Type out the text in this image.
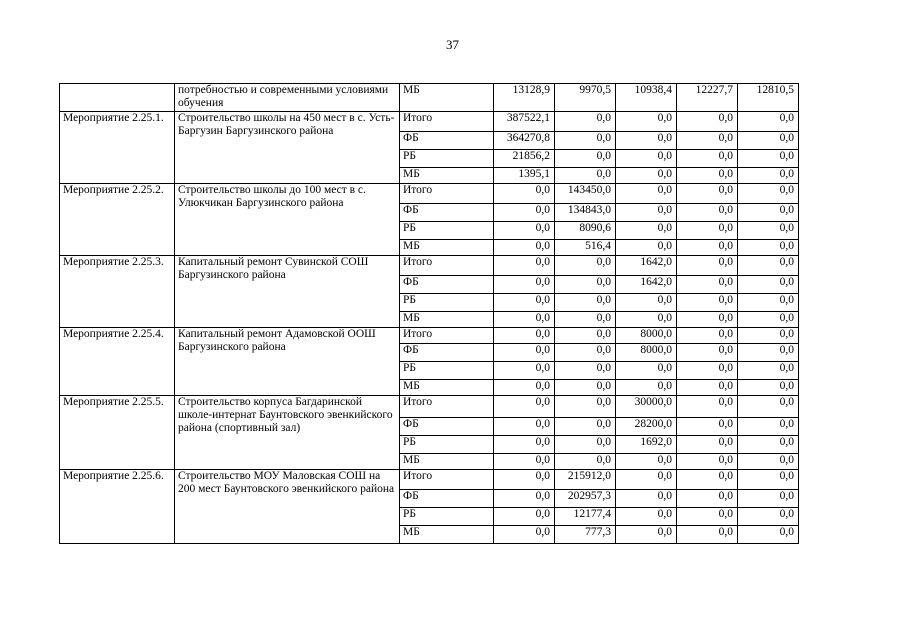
37
	потребностью и современными условиями обучения	МБ	13128,9	9970,5	10938,4	12227,7	12810,5
Мероприятие 2.25.1.	Строительство школы на 450 мест в с. Усть-Баргузин Баргузинского района	Итого	387522,1	0,0	0,0	0,0	0,0
		ФБ	364270,8	0,0	0,0	0,0	0,0
		РБ	21856,2	0,0	0,0	0,0	0,0
		МБ	1395,1	0,0	0,0	0,0	0,0
Мероприятие 2.25.2.	Строительство школы до 100 мест в с. Улюкчикан Баргузинского района	Итого	0,0	143450,0	0,0	0,0	0,0
		ФБ	0,0	134843,0	0,0	0,0	0,0
		РБ	0,0	8090,6	0,0	0,0	0,0
		МБ	0,0	516,4	0,0	0,0	0,0
Мероприятие 2.25.3.	Капитальный ремонт Сувинской СОШ Баргузинского района	Итого	0,0	0,0	1642,0	0,0	0,0
		ФБ	0,0	0,0	1642,0	0,0	0,0
		РБ	0,0	0,0	0,0	0,0	0,0
		МБ	0,0	0,0	0,0	0,0	0,0
Мероприятие 2.25.4.	Капитальный ремонт Адамовской ООШ Баргузинского района	Итого	0,0	0,0	8000,0	0,0	0,0
		ФБ	0,0	0,0	8000,0	0,0	0,0
		РБ	0,0	0,0	0,0	0,0	0,0
		МБ	0,0	0,0	0,0	0,0	0,0
Мероприятие 2.25.5.	Строительство корпуса Багдаринской школе-интернат Баунтовского эвенкийского района (спортивный зал)	Итого	0,0	0,0	30000,0	0,0	0,0
		ФБ	0,0	0,0	28200,0	0,0	0,0
		РБ	0,0	0,0	1692,0	0,0	0,0
		МБ	0,0	0,0	0,0	0,0	0,0
Мероприятие 2.25.6.	Строительство МОУ Маловская СОШ на 200 мест Баунтовского эвенкийского района	Итого	0,0	215912,0	0,0	0,0	0,0
		ФБ	0,0	202957,3	0,0	0,0	0,0
		РБ	0,0	12177,4	0,0	0,0	0,0
		МБ	0,0	777,3	0,0	0,0	0,0
